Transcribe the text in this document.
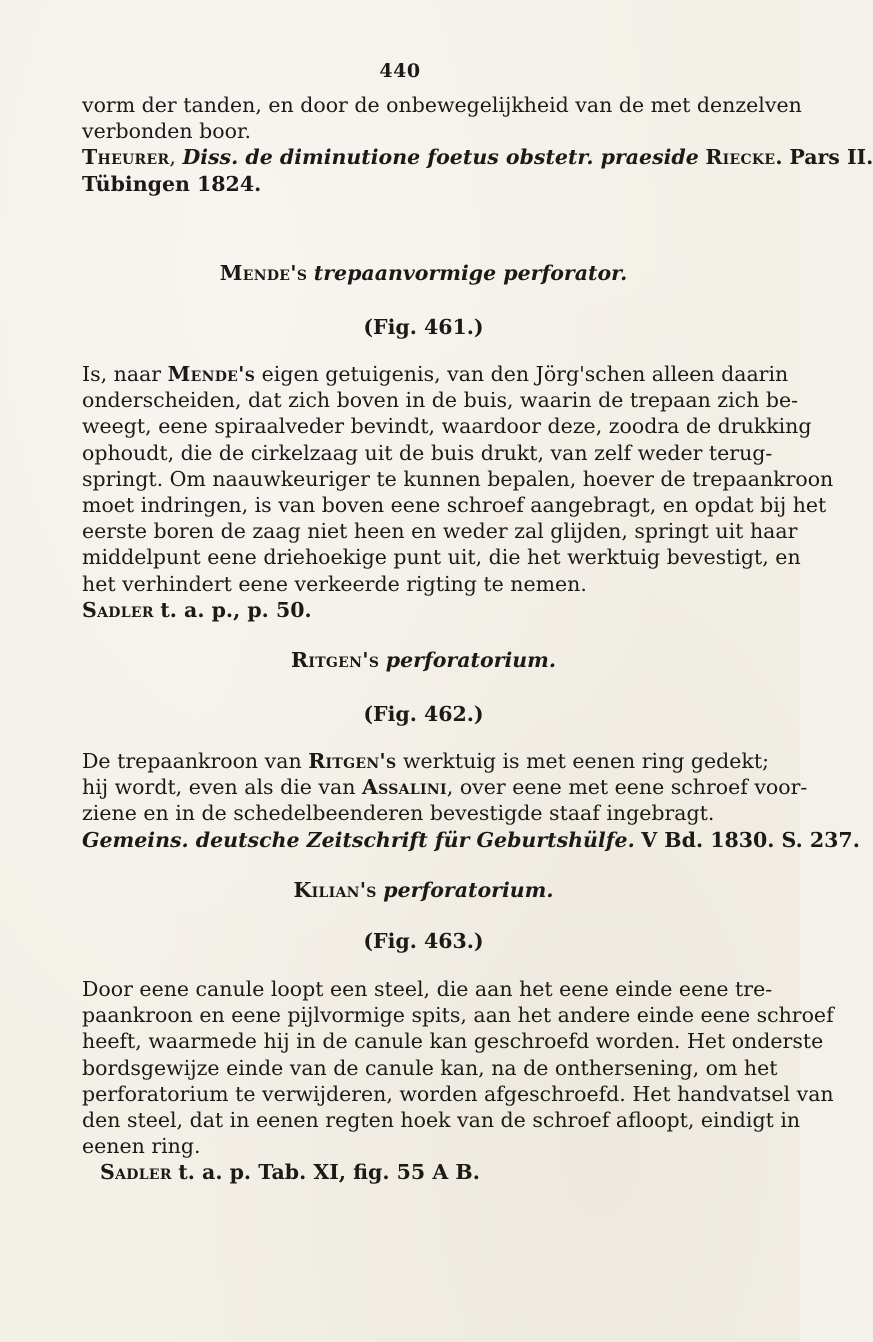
440
vorm der tanden, en door de onbewegelijkheid van de met denzelven
verbonden boor.
Theurer, Diss. de diminutione foetus obstetr. praeside Riecke. Pars II.
Tübingen 1824.
Mende's trepaanvormige perforator.
(Fig. 461.)
Is, naar Mende's eigen getuigenis, van den Jörg'schen alleen daarin
onderscheiden, dat zich boven in de buis, waarin de trepaan zich be-
weegt, eene spiraalveder bevindt, waardoor deze, zoodra de drukking
ophoudt, die de cirkelzaag uit de buis drukt, van zelf weder terug-
springt. Om naauwkeuriger te kunnen bepalen, hoever de trepaankroon
moet indringen, is van boven eene schroef aangebragt, en opdat bij het
eerste boren de zaag niet heen en weder zal glijden, springt uit haar
middelpunt eene driehoekige punt uit, die het werktuig bevestigt, en
het verhindert eene verkeerde rigting te nemen.
Sadler t. a. p., p. 50.
Ritgen's perforatorium.
(Fig. 462.)
De trepaankroon van Ritgen's werktuig is met eenen ring gedekt;
hij wordt, even als die van Assalini, over eene met eene schroef voor-
ziene en in de schedelbeenderen bevestigde staaf ingebragt.
Gemeins. deutsche Zeitschrift für Geburtshülfe. V Bd. 1830. S. 237.
Kilian's perforatorium.
(Fig. 463.)
Door eene canule loopt een steel, die aan het eene einde eene tre-
paankroon en eene pijlvormige spits, aan het andere einde eene schroef
heeft, waarmede hij in de canule kan geschroefd worden. Het onderste
bordsgewijze einde van de canule kan, na de onthersening, om het
perforatorium te verwijderen, worden afgeschroefd. Het handvatsel van
den steel, dat in eenen regten hoek van de schroef afloopt, eindigt in
eenen ring.
Sadler t. a. p. Tab. XI, fig. 55 A B.
